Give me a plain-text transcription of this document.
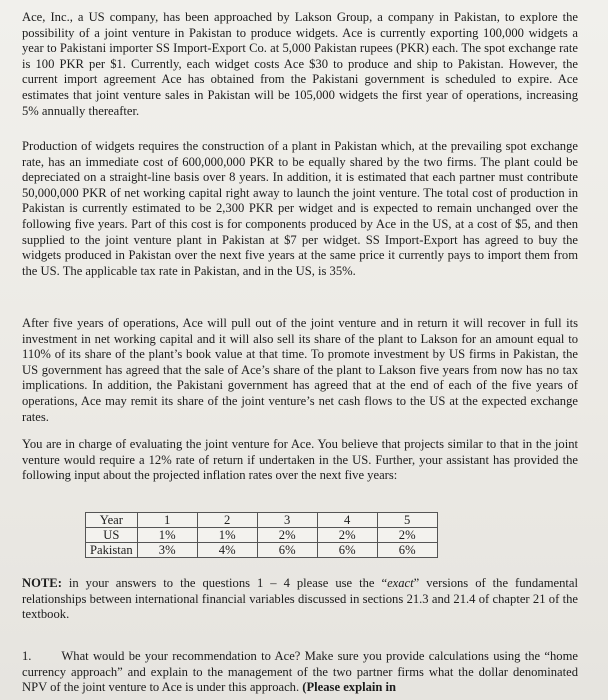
Ace, Inc., a US company, has been approached by Lakson Group, a company in Pakistan, to explore the possibility of a joint venture in Pakistan to produce widgets. Ace is currently exporting 100,000 widgets a year to Pakistani importer SS Import-Export Co. at 5,000 Pakistan rupees (PKR) each. The spot exchange rate is 100 PKR per $1. Currently, each widget costs Ace $30 to produce and ship to Pakistan. However, the current import agreement Ace has obtained from the Pakistani government is scheduled to expire. Ace estimates that joint venture sales in Pakistan will be 105,000 widgets the first year of operations, increasing 5% annually thereafter.

Production of widgets requires the construction of a plant in Pakistan which, at the prevailing spot exchange rate, has an immediate cost of 600,000,000 PKR to be equally shared by the two firms. The plant could be depreciated on a straight-line basis over 8 years. In addition, it is estimated that each partner must contribute 50,000,000 PKR of net working capital right away to launch the joint venture. The total cost of production in Pakistan is currently estimated to be 2,300 PKR per widget and is expected to remain unchanged over the following five years. Part of this cost is for components produced by Ace in the US, at a cost of $5, and then supplied to the joint venture plant in Pakistan at $7 per widget. SS Import-Export has agreed to buy the widgets produced in Pakistan over the next five years at the same price it currently pays to import them from the US. The applicable tax rate in Pakistan, and in the US, is 35%.

After five years of operations, Ace will pull out of the joint venture and in return it will recover in full its investment in net working capital and it will also sell its share of the plant to Lakson for an amount equal to 110% of its share of the plant’s book value at that time. To promote investment by US firms in Pakistan, the US government has agreed that the sale of Ace’s share of the plant to Lakson five years from now has no tax implications. In addition, the Pakistani government has agreed that at the end of each of the five years of operations, Ace may remit its share of the joint venture’s net cash flows to the US at the expected exchange rates.

You are in charge of evaluating the joint venture for Ace. You believe that projects similar to that in the joint venture would require a 12% rate of return if undertaken in the US. Further, your assistant has provided the following input about the projected inflation rates over the next five years:

Year	1	2	3	4	5
US	1%	1%	2%	2%	2%
Pakistan	3%	4%	6%	6%	6%

NOTE: in your answers to the questions 1 – 4 please use the “exact” versions of the fundamental relationships between international financial variables discussed in sections 21.3 and 21.4 of chapter 21 of the textbook.

1. What would be your recommendation to Ace? Make sure you provide calculations using the “home currency approach” and explain to the management of the two partner firms what the dollar denominated NPV of the joint venture to Ace is under this approach. (Please explain in
